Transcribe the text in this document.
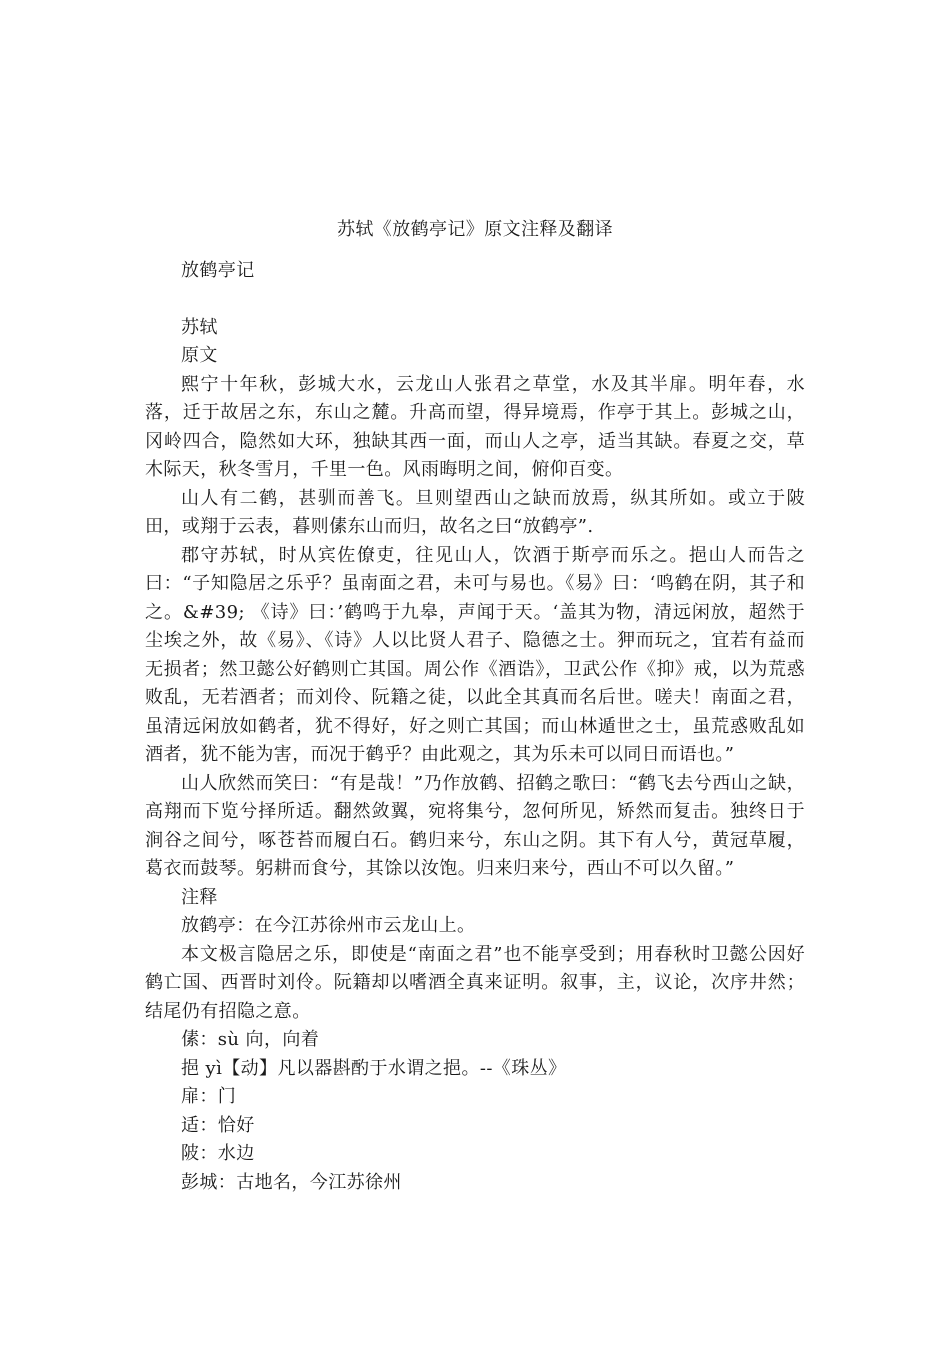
苏轼《放鹤亭记》原文注释及翻译

放鹤亭记

苏轼

原文

熙宁十年秋，彭城大水，云龙山人张君之草堂，水及其半扉。明年春，水落，迁于故居之东，东山之麓。升高而望，得异境焉，作亭于其上。彭城之山，冈岭四合，隐然如大环，独缺其西一面，而山人之亭，适当其缺。春夏之交，草木际天，秋冬雪月，千里一色。风雨晦明之间，俯仰百变。

山人有二鹤，甚驯而善飞。旦则望西山之缺而放焉，纵其所如。或立于陂田，或翔于云表，暮则傃东山而归，故名之曰“放鹤亭”.

郡守苏轼，时从宾佐僚吏，往见山人，饮酒于斯亭而乐之。挹山人而告之曰：“子知隐居之乐乎？虽南面之君，未可与易也。《易》曰：‘鸣鹤在阴，其子和之。&#39; 《诗》曰：’鹤鸣于九皋，声闻于天。‘盖其为物，清远闲放，超然于尘埃之外，故《易》、《诗》人以比贤人君子、隐德之士。狎而玩之，宜若有益而无损者；然卫懿公好鹤则亡其国。周公作《酒诰》，卫武公作《抑》戒，以为荒惑败乱，无若酒者；而刘伶、阮籍之徒，以此全其真而名后世。嗟夫！南面之君，虽清远闲放如鹤者，犹不得好，好之则亡其国；而山林遁世之士，虽荒惑败乱如酒者，犹不能为害，而况于鹤乎？由此观之，其为乐未可以同日而语也。”

山人欣然而笑曰：“有是哉！”乃作放鹤、招鹤之歌曰：“鹤飞去兮西山之缺，高翔而下览兮择所适。翻然敛翼，宛将集兮，忽何所见，矫然而复击。独终日于涧谷之间兮，啄苍苔而履白石。鹤归来兮，东山之阴。其下有人兮，黄冠草履，葛衣而鼓琴。躬耕而食兮，其馀以汝饱。归来归来兮，西山不可以久留。”

注释

放鹤亭：在今江苏徐州市云龙山上。

本文极言隐居之乐，即使是“南面之君”也不能享受到；用春秋时卫懿公因好鹤亡国、西晋时刘伶。阮籍却以嗜酒全真来证明。叙事，主，议论，次序井然；结尾仍有招隐之意。

傃：sù 向，向着

挹 yì【动】凡以器斟酌于水谓之挹。--《珠丛》

扉：门

适：恰好

陂：水边

彭城：古地名，今江苏徐州
